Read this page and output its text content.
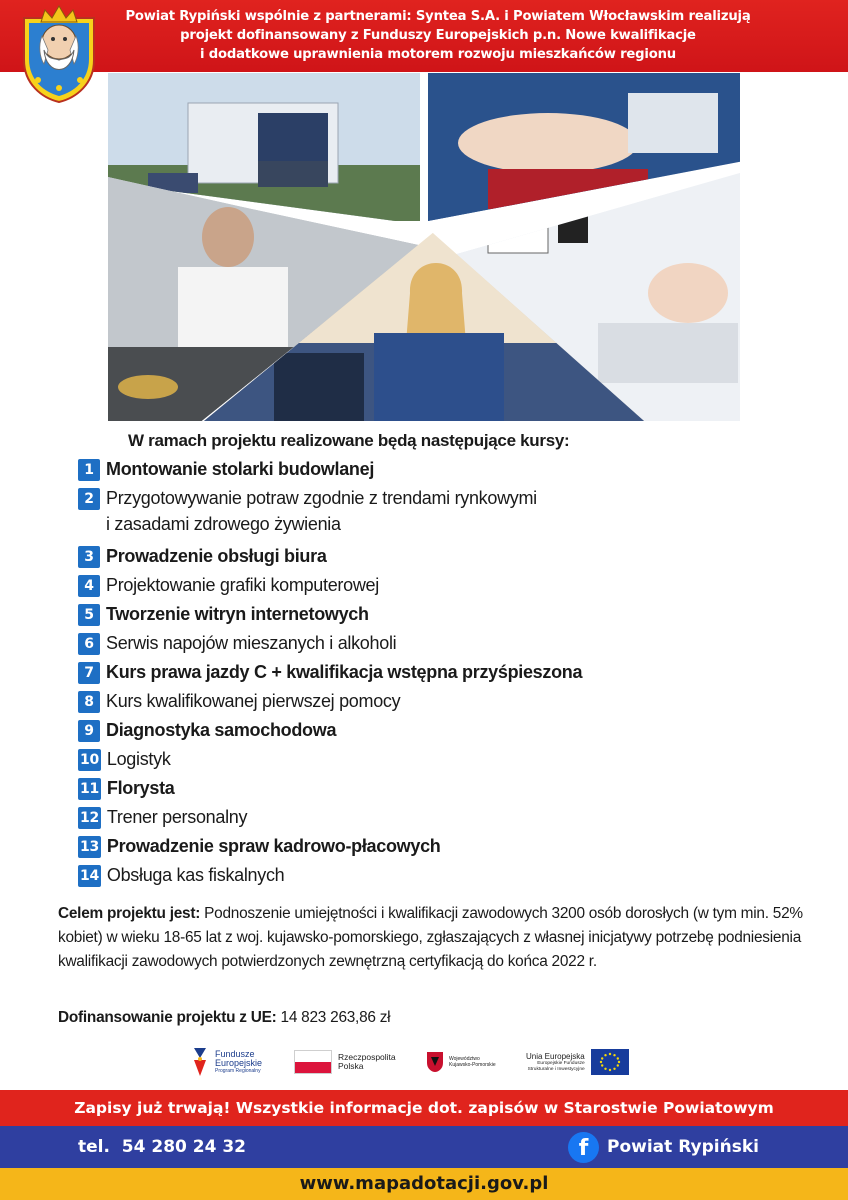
Powiat Rypiński wspólnie z partnerami: Syntea S.A. i Powiatem Włocławskim realizują
projekt dofinansowany z Funduszy Europejskich p.n. Nowe kwalifikacje
i dodatkowe uprawnienia motorem rozwoju mieszkańców regionu
W ramach projektu realizowane będą następujące kursy:
1 Montowanie stolarki budowlanej
2 Przygotowywanie potraw zgodnie z trendami rynkowymi
i zasadami zdrowego żywienia
3 Prowadzenie obsługi biura
4 Projektowanie grafiki komputerowej
5 Tworzenie witryn internetowych
6 Serwis napojów mieszanych i alkoholi
7 Kurs prawa jazdy C + kwalifikacja wstępna przyśpieszona
8 Kurs kwalifikowanej pierwszej pomocy
9 Diagnostyka samochodowa
10 Logistyk
11 Florysta
12 Trener personalny
13 Prowadzenie spraw kadrowo-płacowych
14 Obsługa kas fiskalnych
Celem projektu jest: Podnoszenie umiejętności i kwalifikacji zawodowych 3200 osób dorosłych (w tym min. 52% kobiet) w wieku 18-65 lat z woj. kujawsko-pomorskiego, zgłaszających z własnej inicjatywy potrzebę podniesienia kwalifikacji zawodowych potwierdzonych zewnętrzną certyfikacją do końca 2022 r.
Dofinansowanie projektu z UE: 14 823 263,86 zł
Fundusze
Europejskie
Program Regionalny
Rzeczpospolita
Polska
Województwo
Kujawsko-Pomorskie
Unia Europejska
Europejskie Fundusze
Strukturalne i Inwestycyjne
Zapisy już trwają! Wszystkie informacje dot. zapisów w Starostwie Powiatowym
tel. 54 280 24 32	f	Powiat Rypiński
www.mapadotacji.gov.pl
